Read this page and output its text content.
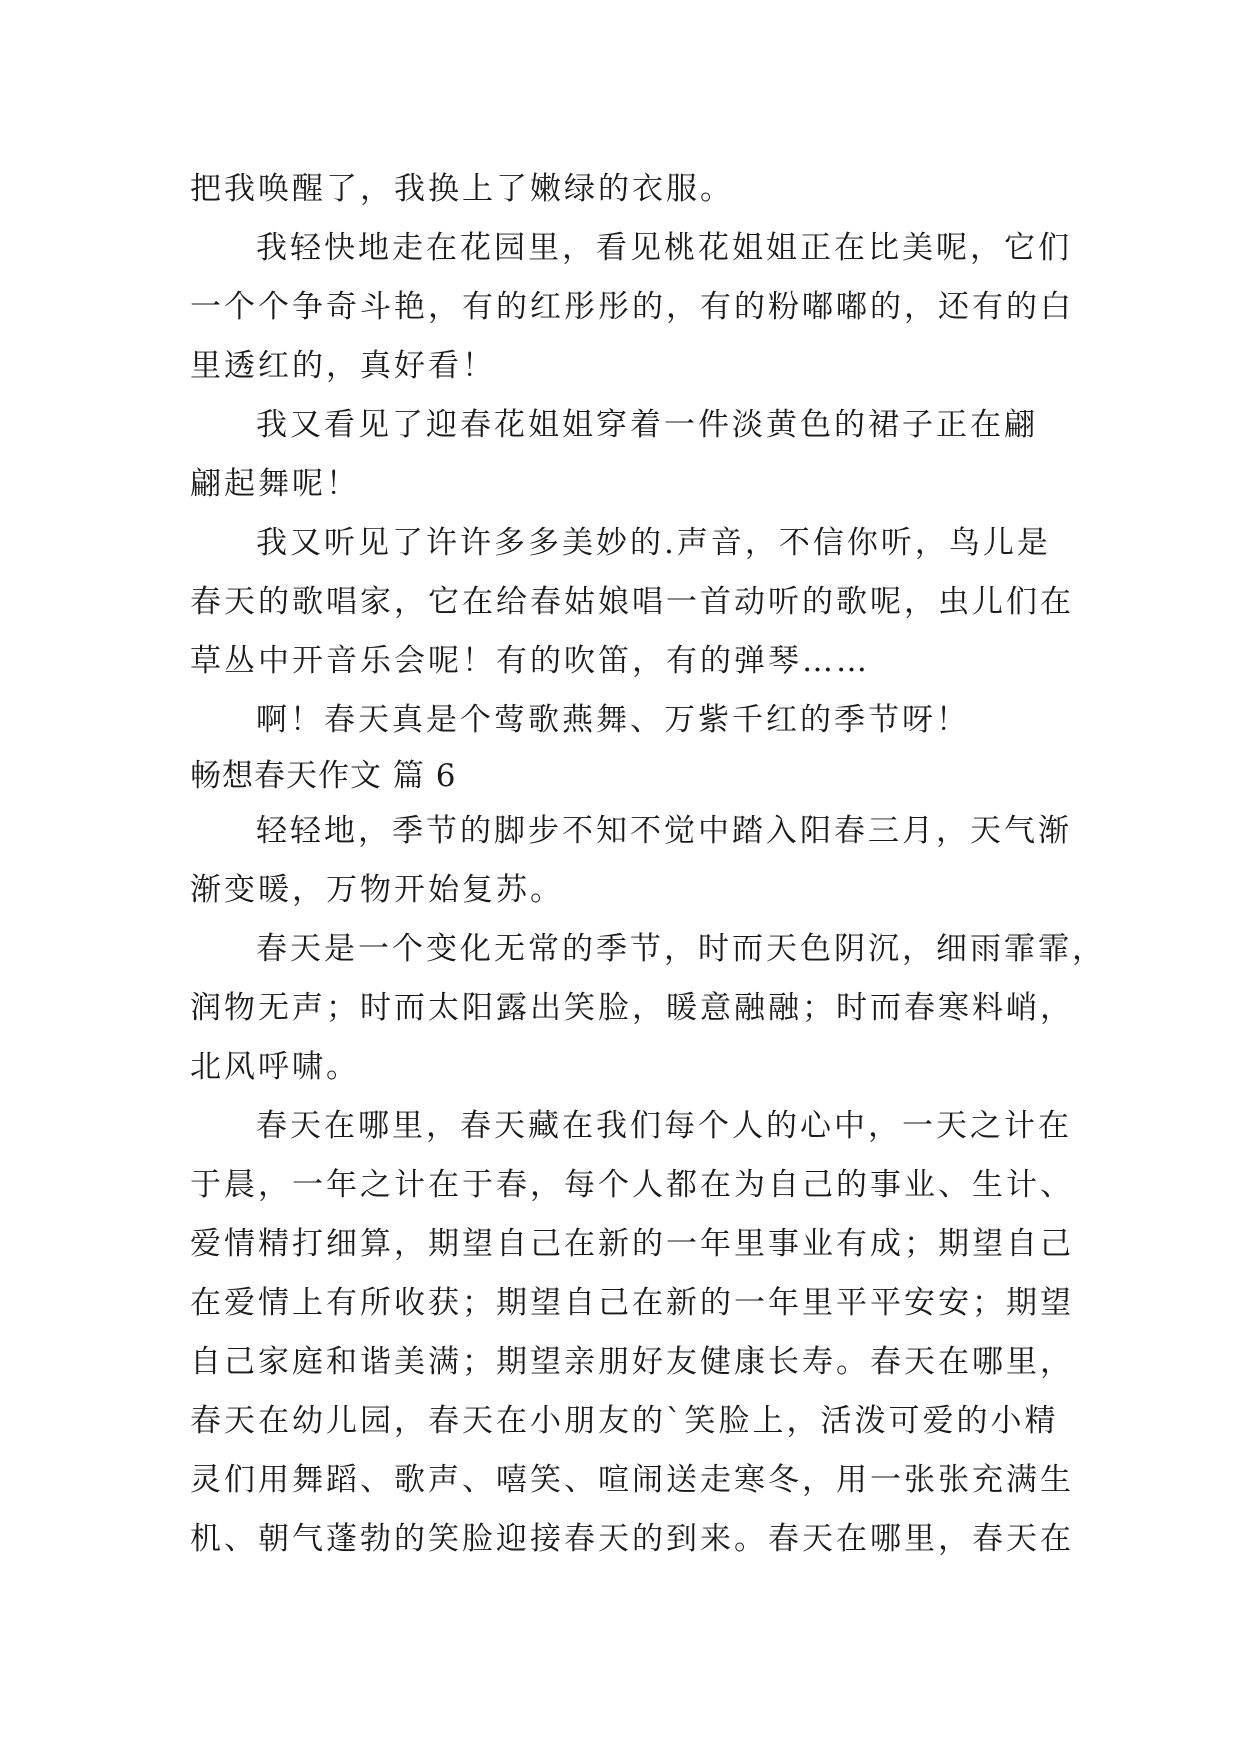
把我唤醒了，我换上了嫩绿的衣服。
我轻快地走在花园里，看见桃花姐姐正在比美呢，它们
一个个争奇斗艳，有的红彤彤的，有的粉嘟嘟的，还有的白
里透红的，真好看！
我又看见了迎春花姐姐穿着一件淡黄色的裙子正在翩
翩起舞呢！
我又听见了许许多多美妙的.声音，不信你听，鸟儿是
春天的歌唱家，它在给春姑娘唱一首动听的歌呢，虫儿们在
草丛中开音乐会呢！有的吹笛，有的弹琴……
啊！春天真是个莺歌燕舞、万紫千红的季节呀！
畅想春天作文 篇 6
轻轻地，季节的脚步不知不觉中踏入阳春三月，天气渐
渐变暖，万物开始复苏。
春天是一个变化无常的季节，时而天色阴沉，细雨霏霏，
润物无声；时而太阳露出笑脸，暖意融融；时而春寒料峭，
北风呼啸。
春天在哪里，春天藏在我们每个人的心中，一天之计在
于晨，一年之计在于春，每个人都在为自己的事业、生计、
爱情精打细算，期望自己在新的一年里事业有成；期望自己
在爱情上有所收获；期望自己在新的一年里平平安安；期望
自己家庭和谐美满；期望亲朋好友健康长寿。春天在哪里，
春天在幼儿园，春天在小朋友的`笑脸上，活泼可爱的小精
灵们用舞蹈、歌声、嘻笑、喧闹送走寒冬，用一张张充满生
机、朝气蓬勃的笑脸迎接春天的到来。春天在哪里，春天在
